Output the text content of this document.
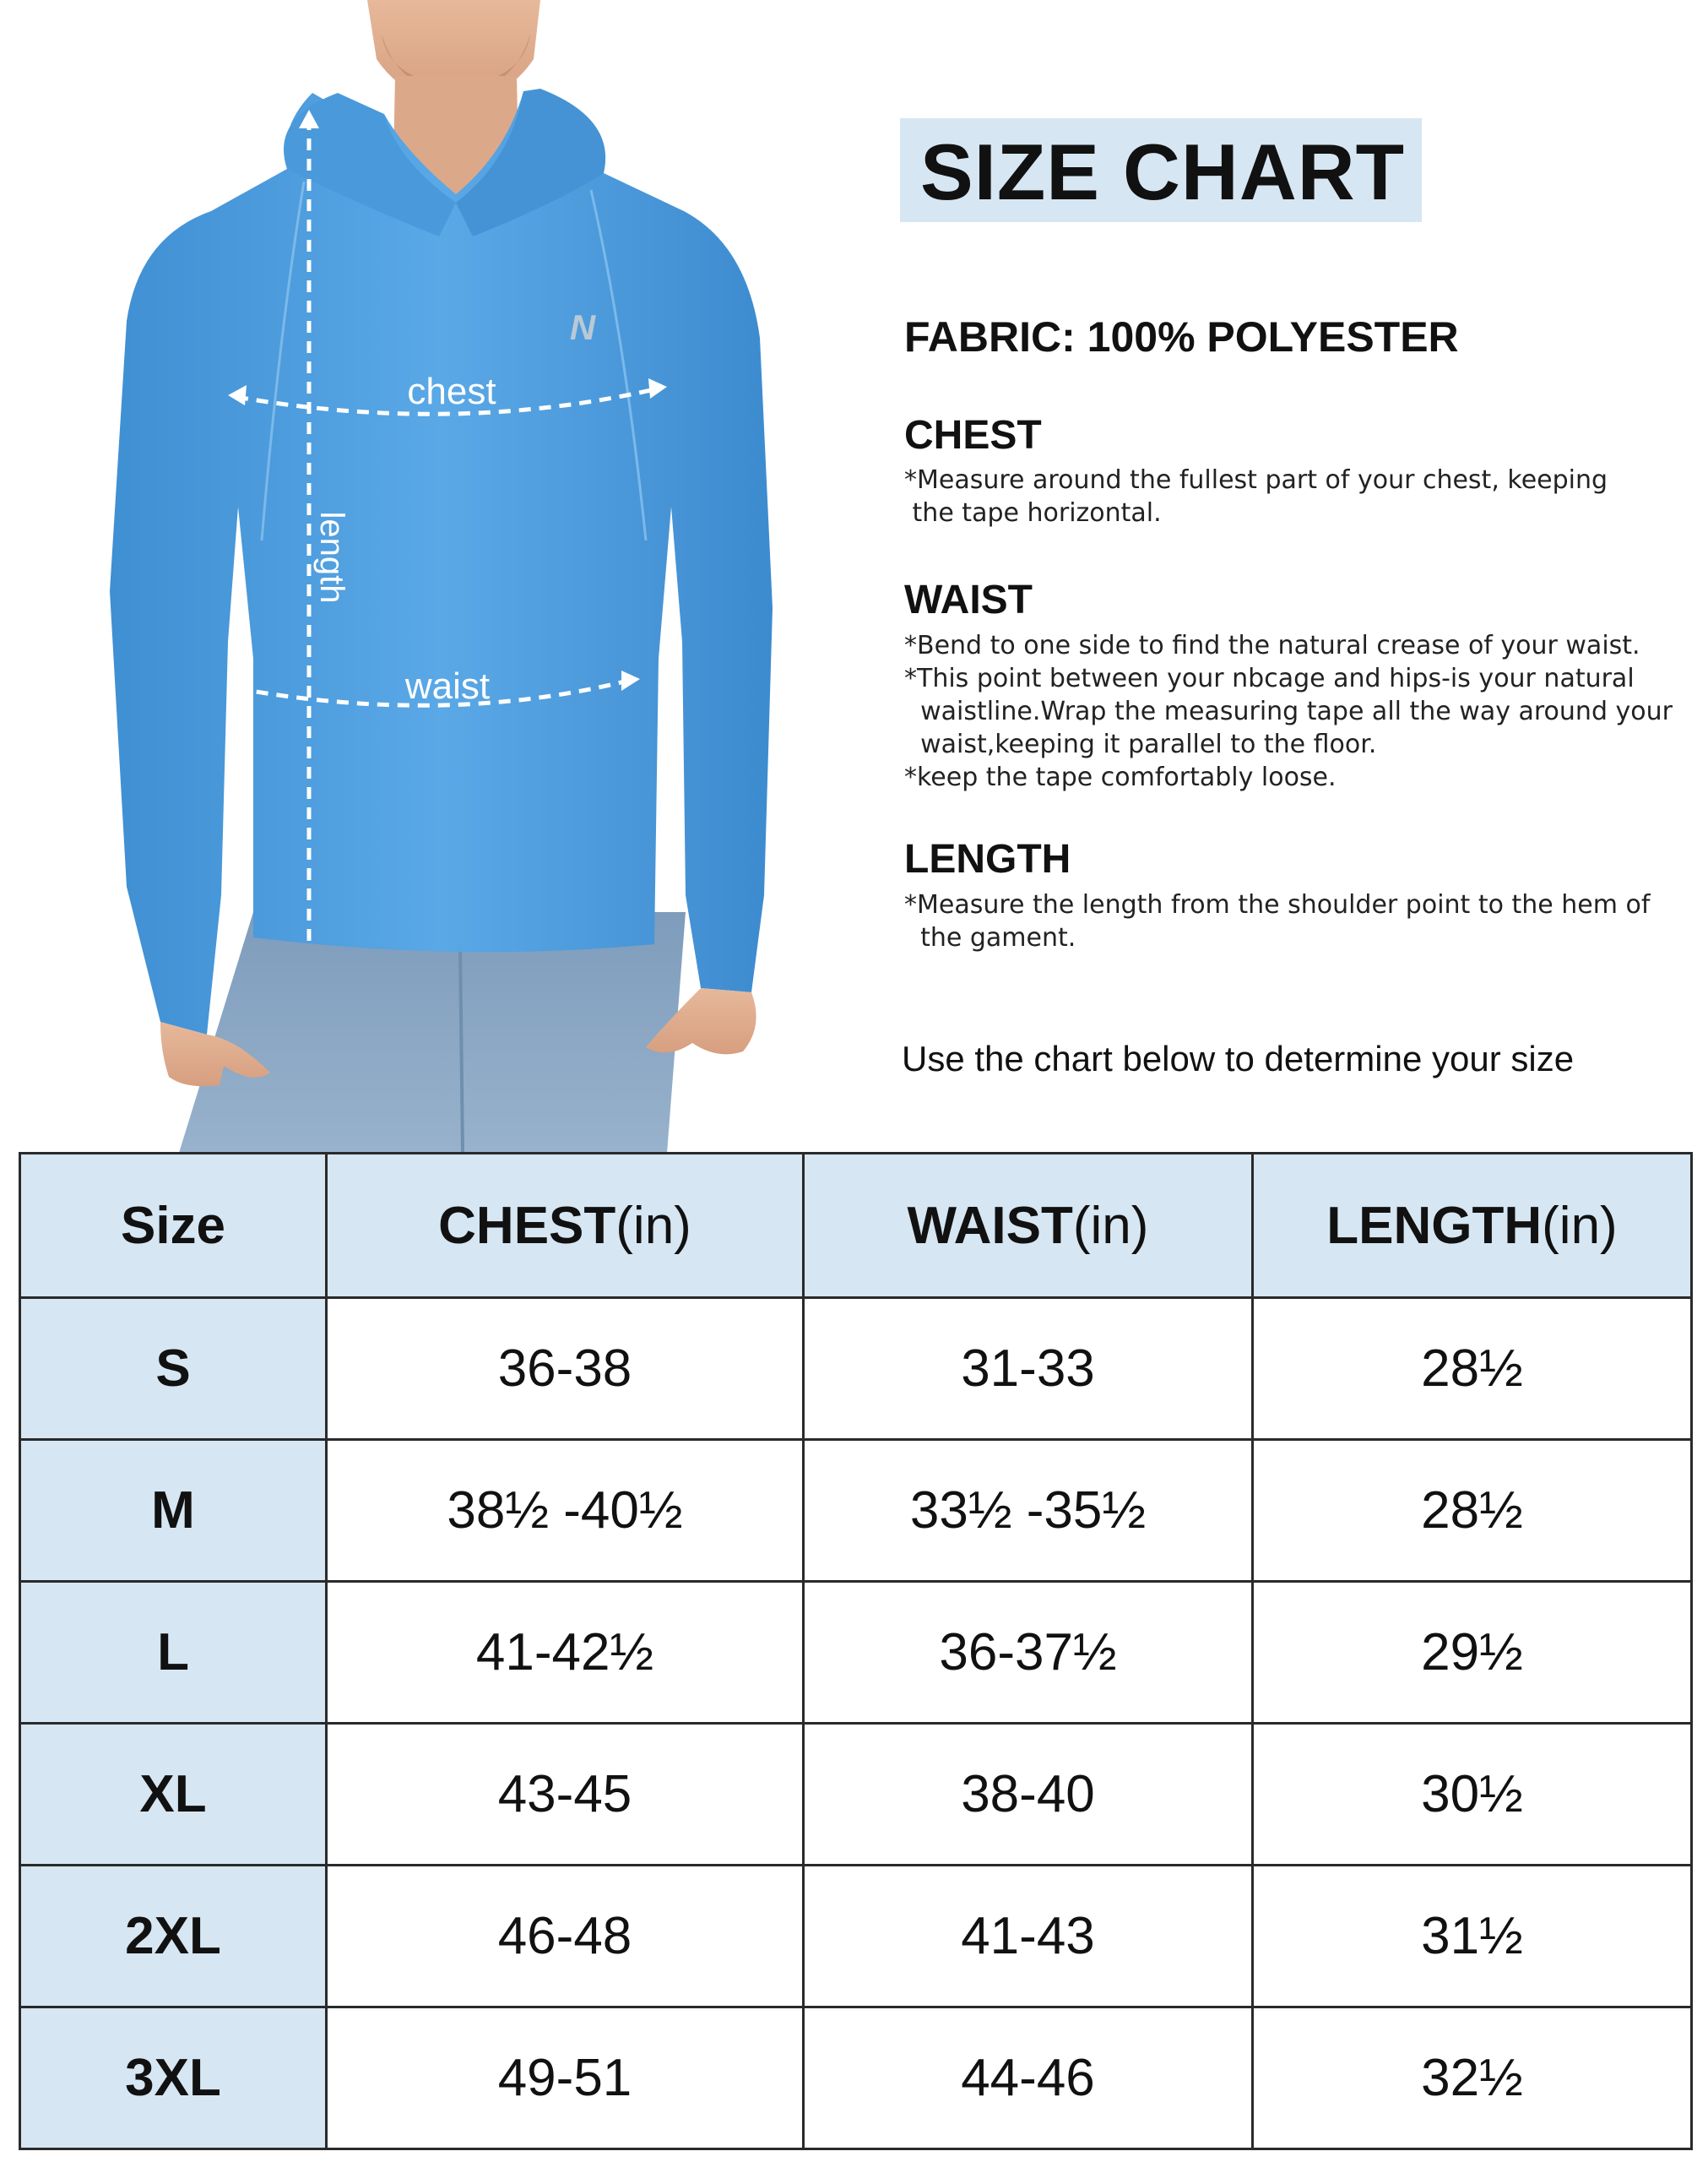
chest
waist
length
N
SIZE CHART
FABRIC: 100% POLYESTER
CHEST
*Measure around the fullest part of your chest, keeping
the tape horizontal.
WAIST
*Bend to one side to find the natural crease of your waist.
*This point between your nbcage and hips-is your natural
waistline.Wrap the measuring tape all the way around your
waist,keeping it parallel to the floor.
*keep the tape comfortably loose.
LENGTH
*Measure the length from the shoulder point to the hem of
the gament.
Use the chart below to determine your size
Size	CHEST(in)	WAIST(in)	LENGTH(in)
S	36-38	31-33	28½
M	38½ -40½	33½ -35½	28½
L	41-42½	36-37½	29½
XL	43-45	38-40	30½
2XL	46-48	41-43	31½
3XL	49-51	44-46	32½
